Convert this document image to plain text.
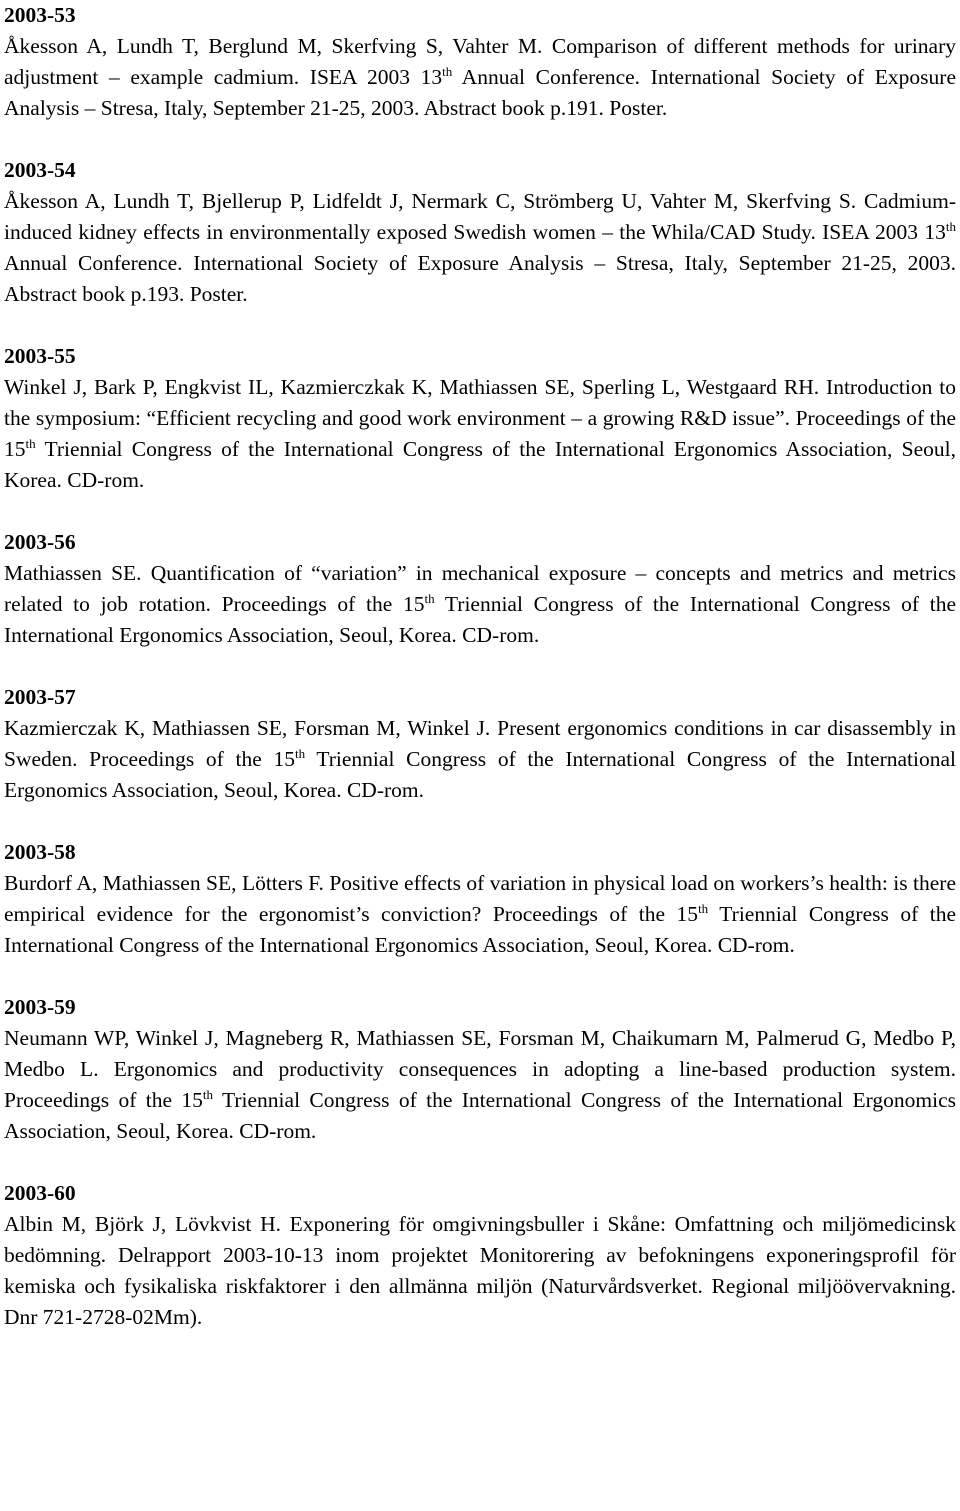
2003-53

Åkesson A, Lundh T, Berglund M, Skerfving S, Vahter M. Comparison of different methods for urinary adjustment – example cadmium. ISEA 2003 13th Annual Conference. International Society of Exposure Analysis – Stresa, Italy, September 21-25, 2003. Abstract book p.191. Poster.

2003-54

Åkesson A, Lundh T, Bjellerup P, Lidfeldt J, Nermark C, Strömberg U, Vahter M, Skerfving S. Cadmium-induced kidney effects in environmentally exposed Swedish women – the Whila/CAD Study. ISEA 2003 13th Annual Conference. International Society of Exposure Analysis – Stresa, Italy, September 21-25, 2003. Abstract book p.193. Poster.

2003-55

Winkel J, Bark P, Engkvist IL, Kazmierczkak K, Mathiassen SE, Sperling L, Westgaard RH. Introduction to the symposium: “Efficient recycling and good work environment – a growing R&D issue”. Proceedings of the 15th Triennial Congress of the International Congress of the International Ergonomics Association, Seoul, Korea. CD-rom.

2003-56

Mathiassen SE. Quantification of “variation” in mechanical exposure – concepts and metrics and metrics related to job rotation. Proceedings of the 15th Triennial Congress of the International Congress of the International Ergonomics Association, Seoul, Korea. CD-rom.

2003-57

Kazmierczak K, Mathiassen SE, Forsman M, Winkel J. Present ergonomics conditions in car disassembly in Sweden. Proceedings of the 15th Triennial Congress of the International Congress of the International Ergonomics Association, Seoul, Korea. CD-rom.

2003-58

Burdorf A, Mathiassen SE, Lötters F. Positive effects of variation in physical load on workers’s health: is there empirical evidence for the ergonomist’s conviction? Proceedings of the 15th Triennial Congress of the International Congress of the International Ergonomics Association, Seoul, Korea. CD-rom.

2003-59

Neumann WP, Winkel J, Magneberg R, Mathiassen SE, Forsman M, Chaikumarn M, Palmerud G, Medbo P, Medbo L. Ergonomics and productivity consequences in adopting a line-based production system. Proceedings of the 15th Triennial Congress of the International Congress of the International Ergonomics Association, Seoul, Korea. CD-rom.

2003-60

Albin M, Björk J, Lövkvist H. Exponering för omgivningsbuller i Skåne: Omfattning och miljömedicinsk bedömning. Delrapport 2003-10-13 inom projektet Monitorering av befokningens exponeringsprofil för kemiska och fysikaliska riskfaktorer i den allmänna miljön (Naturvårdsverket. Regional miljöövervakning. Dnr 721-2728-02Mm).
